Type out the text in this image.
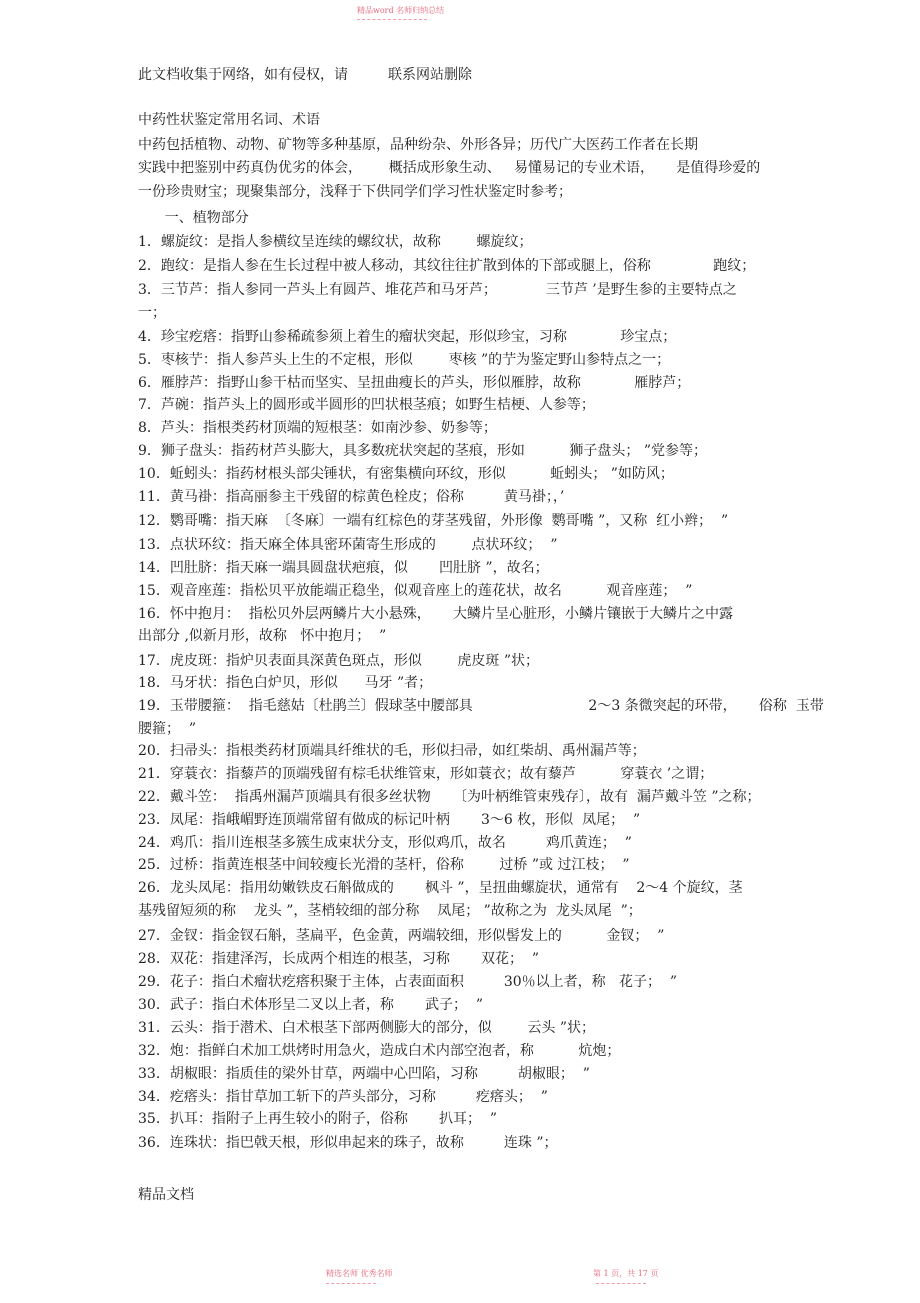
精品word 名师归纳总结
此文档收集于网络，如有侵权，请         联系网站删除
中药性状鉴定常用名词、术语
中药包括植物、动物、矿物等多种基原，品种纷杂、外形各异；历代广大医药工作者在长期
实践中把鉴别中药真伪优劣的体会，      概括成形象生动、   易懂易记的专业术语，     是值得珍爱的
一份珍贵财宝；现聚集部分，浅释于下供同学们学习性状鉴定时参考；
一、植物部分
1．螺旋纹：是指人参横纹呈连续的螺纹状，故称        螺旋纹；
2．跑纹：是指人参在生长过程中被人移动，其纹往往扩散到体的下部或腿上，俗称              跑纹；
3．三节芦：指人参同一芦头上有圆芦、堆花芦和马牙芦；           三节芦 ’是野生参的主要特点之
一；
4．珍宝疙瘩：指野山参稀疏参须上着生的瘤状突起，形似珍宝，习称            珍宝点；
5．枣核艼：指人参芦头上生的不定根，形似        枣核 ”的艼为鉴定野山参特点之一；
6．雁脖芦：指野山参干枯而坚实、呈扭曲瘦长的芦头，形似雁脖，故称            雁脖芦；
7．芦碗：指芦头上的圆形或半圆形的凹状根茎痕；如野生桔梗、人参等；
8．芦头：指根类药材顶端的短根茎：如南沙参、奶参等；
9．狮子盘头：指药材芦头膨大，具多数疣状突起的茎痕，形如          狮子盘头； ”党参等；
10．蚯蚓头：指药材根头部尖锤状，有密集横向环纹，形似          蚯蚓头； ”如防风；
11．黄马褂：指高丽参主干残留的棕黄色栓皮；俗称         黄马褂；，’
12．鹦哥嘴：指天麻  〔冬麻〕一端有红棕色的芽茎残留，外形像  鹦哥嘴 ”，又称  红小辫；  ”
13．点状环纹：指天麻全体具密环菌寄生形成的        点状环纹；  ”
14．凹肚脐：指天麻一端具圆盘状疤痕，似       凹肚脐 ”，故名；
15．观音座莲：指松贝平放能端正稳坐，似观音座上的莲花状，故名          观音座莲；  ”
16．怀中抱月：  指松贝外层两鳞片大小悬殊，     大鳞片呈心脏形，小鳞片镶嵌于大鳞片之中露
出部分 ,似新月形，故称   怀中抱月；  ”
17．虎皮斑：指炉贝表面具深黄色斑点，形似        虎皮斑 ”状；
18．马牙状：指色白炉贝，形似      马牙 ”者；
19．玉带腰箍：  指毛慈姑〔杜鹃兰〕假球茎中腰部具                          2～3 条微突起的环带，     俗称  玉带
腰箍；  ”
20．扫帚头：指根类药材顶端具纤维状的毛，形似扫帚，如红柴胡、禹州漏芦等；
21．穿蓑衣：指藜芦的顶端残留有棕毛状维管束，形如蓑衣；故有藜芦          穿蓑衣 ’之谓；
22．戴斗笠：  指禹州漏芦顶端具有很多丝状物     〔为叶柄维管束残存〕，故有  漏芦戴斗笠 ”之称；
23．凤尾：指峨嵋野连顶端常留有做成的标记叶柄       3～6 枚，形似  凤尾；  ”
24．鸡爪：指川连根茎多簇生成束状分支，形似鸡爪，故名         鸡爪黄连；  ”
25．过桥：指黄连根茎中间较瘦长光滑的茎杆，俗称        过桥 ”或 过江枝；  ”
26．龙头凤尾：指用幼嫩铁皮石斛做成的       枫斗 ”，呈扭曲螺旋状，通常有    2～4 个旋纹，茎
基残留短须的称    龙头 ”，茎梢较细的部分称    凤尾； ”故称之为  龙头凤尾  ”；
27．金钗：指金钗石斛，茎扁平，色金黄，两端较细，形似髻发上的          金钗；  ”
28．双花：指建泽泻，长成两个相连的根茎，习称       双花；  ”
29．花子：指白术瘤状疙瘩积聚于主体，占表面面积         30％以上者，称   花子；  ”
30．武子：指白术体形呈二叉以上者，称       武子；  ”
31．云头：指于潜术、白术根茎下部两侧膨大的部分，似        云头 ”状；
32．炮：指鲜白术加工烘烤时用急火，造成白术内部空泡者，称          炕炮；
33．胡椒眼：指质佳的梁外甘草，两端中心凹陷，习称         胡椒眼；  ”
34．疙瘩头：指甘草加工斩下的芦头部分，习称         疙瘩头；  ”
35．扒耳：指附子上再生较小的附子，俗称       扒耳；  ”
36．连珠状：指巴戟天根，形似串起来的珠子，故称         连珠 ”；
精品文档
精选名师 优秀名师	第 1 页，共 17 页
